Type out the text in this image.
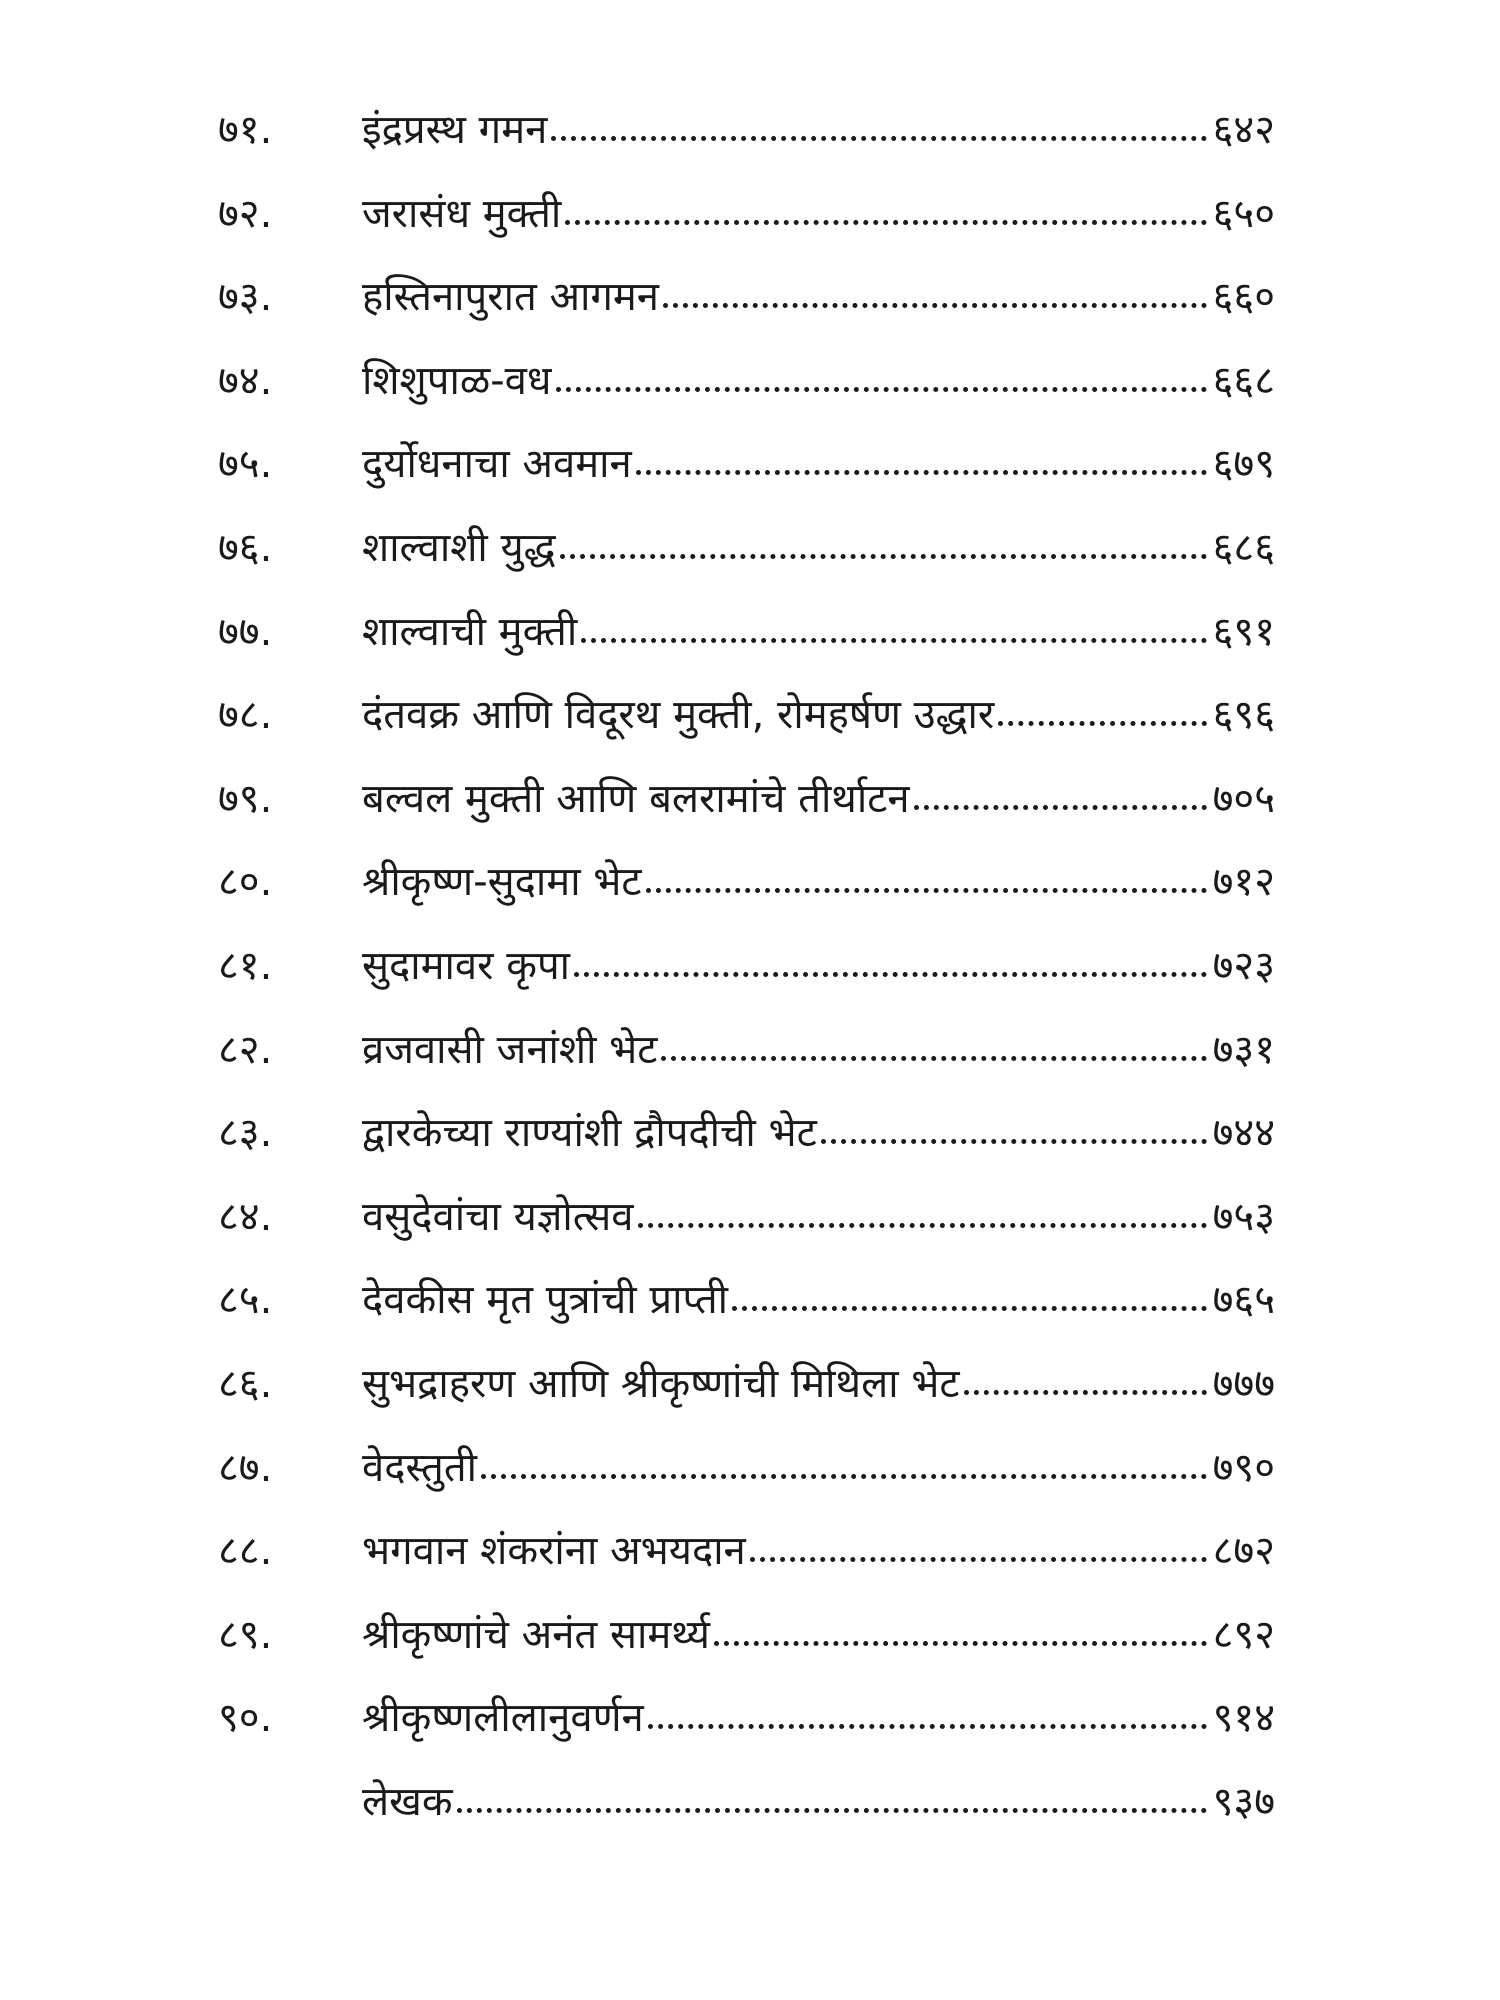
७१. इंद्रप्रस्थ गमन	६४२
७२. जरासंध मुक्ती	६५०
७३. हस्तिनापुरात आगमन	६६०
७४. शिशुपाळ-वध	६६८
७५. दुर्योधनाचा अवमान	६७९
७६. शाल्वाशी युद्ध	६८६
७७. शाल्वाची मुक्ती	६९१
७८. दंतवक्र आणि विदूरथ मुक्ती, रोमहर्षण उद्धार	६९६
७९. बल्वल मुक्ती आणि बलरामांचे तीर्थाटन	७०५
८०. श्रीकृष्ण-सुदामा भेट	७१२
८१. सुदामावर कृपा	७२३
८२. व्रजवासी जनांशी भेट	७३१
८३. द्वारकेच्या राण्यांशी द्रौपदीची भेट	७४४
८४. वसुदेवांचा यज्ञोत्सव	७५३
८५. देवकीस मृत पुत्रांची प्राप्ती	७६५
८६. सुभद्राहरण आणि श्रीकृष्णांची मिथिला भेट	७७७
८७. वेदस्तुती	७९०
८८. भगवान शंकरांना अभयदान	८७२
८९. श्रीकृष्णांचे अनंत सामर्थ्य	८९२
९०. श्रीकृष्णलीलानुवर्णन	९१४
लेखक	९३७
